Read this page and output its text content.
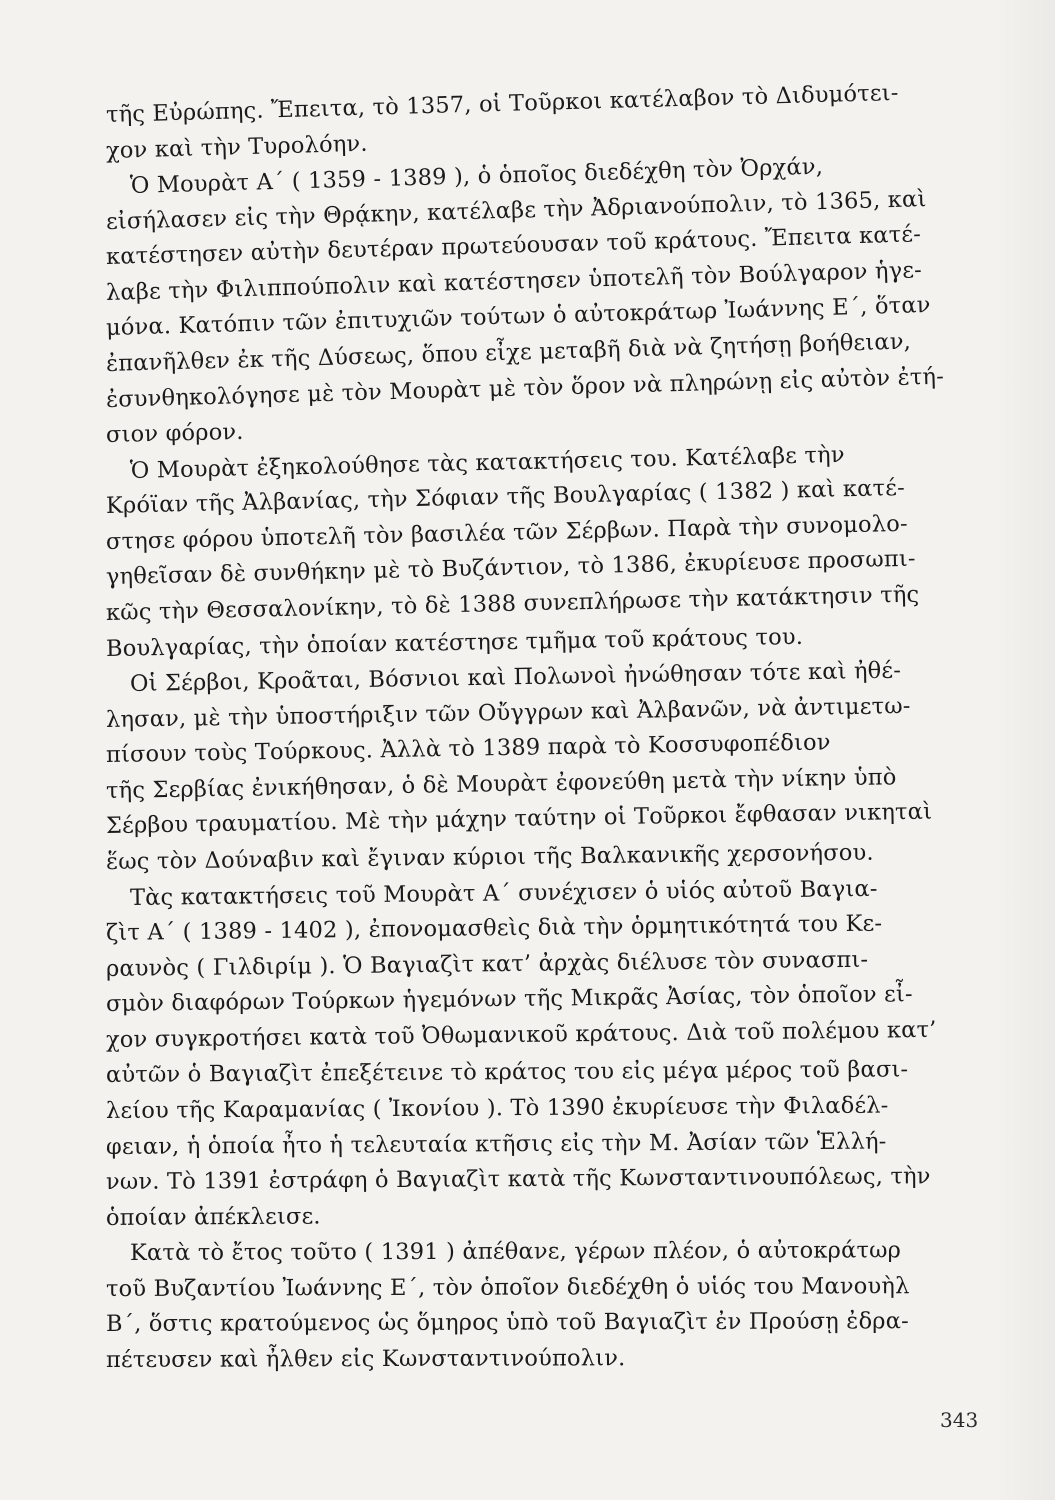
τῆς Εὐρώπης. Ἔπειτα, τὸ 1357, οἱ Τοῦρκοι κατέλαβον τὸ Διδυμότει-
χον καὶ τὴν Τυρολόην.
Ὁ Μουρὰτ Α΄ ( 1359 - 1389 ), ὁ ὁποῖος διεδέχθη τὸν Ὀρχάν,
εἰσήλασεν εἰς τὴν Θρᾴκην, κατέλαβε τὴν Ἀδριανούπολιν, τὸ 1365, καὶ
κατέστησεν αὐτὴν δευτέραν πρωτεύουσαν τοῦ κράτους. Ἔπειτα κατέ-
λαβε τὴν Φιλιππούπολιν καὶ κατέστησεν ὑποτελῆ τὸν Βούλγαρον ἡγε-
μόνα. Κατόπιν τῶν ἐπιτυχιῶν τούτων ὁ αὐτοκράτωρ Ἰωάννης Ε΄, ὅταν
ἐπανῆλθεν ἐκ τῆς Δύσεως, ὅπου εἶχε μεταβῆ διὰ νὰ ζητήσῃ βοήθειαν,
ἐσυνθηκολόγησε μὲ τὸν Μουρὰτ μὲ τὸν ὅρον νὰ πληρώνῃ εἰς αὐτὸν ἐτή-
σιον φόρον.
Ὁ Μουρὰτ ἐξηκολούθησε τὰς κατακτήσεις του. Κατέλαβε τὴν
Κρόϊαν τῆς Ἀλβανίας, τὴν Σόφιαν τῆς Βουλγαρίας ( 1382 ) καὶ κατέ-
στησε φόρου ὑποτελῆ τὸν βασιλέα τῶν Σέρβων. Παρὰ τὴν συνομολο-
γηθεῖσαν δὲ συνθήκην μὲ τὸ Βυζάντιον, τὸ 1386, ἐκυρίευσε προσωπι-
κῶς τὴν Θεσσαλονίκην, τὸ δὲ 1388 συνεπλήρωσε τὴν κατάκτησιν τῆς
Βουλγαρίας, τὴν ὁποίαν κατέστησε τμῆμα τοῦ κράτους του.
Οἱ Σέρβοι, Κροᾶται, Βόσνιοι καὶ Πολωνοὶ ἠνώθησαν τότε καὶ ἠθέ-
λησαν, μὲ τὴν ὑποστήριξιν τῶν Οὔγγρων καὶ Ἀλβανῶν, νὰ ἀντιμετω-
πίσουν τοὺς Τούρκους. Ἀλλὰ τὸ 1389 παρὰ τὸ Κοσσυφοπέδιον
τῆς Σερβίας ἐνικήθησαν, ὁ δὲ Μουρὰτ ἐφονεύθη μετὰ τὴν νίκην ὑπὸ
Σέρβου τραυματίου. Μὲ τὴν μάχην ταύτην οἱ Τοῦρκοι ἔφθασαν νικηταὶ
ἕως τὸν Δούναβιν καὶ ἔγιναν κύριοι τῆς Βαλκανικῆς χερσονήσου.
Τὰς κατακτήσεις τοῦ Μουρὰτ Α΄ συνέχισεν ὁ υἱός αὐτοῦ Βαγια-
ζὶτ Α΄ ( 1389 - 1402 ), ἐπονομασθεὶς διὰ τὴν ὁρμητικότητά του Κε-
ραυνὸς ( Γιλδιρίμ ). Ὁ Βαγιαζὶτ κατ’ ἀρχὰς διέλυσε τὸν συνασπι-
σμὸν διαφόρων Τούρκων ἡγεμόνων τῆς Μικρᾶς Ἀσίας, τὸν ὁποῖον εἶ-
χον συγκροτήσει κατὰ τοῦ Ὀθωμανικοῦ κράτους. Διὰ τοῦ πολέμου κατ’
αὐτῶν ὁ Βαγιαζὶτ ἐπεξέτεινε τὸ κράτος του εἰς μέγα μέρος τοῦ βασι-
λείου τῆς Καραμανίας ( Ἰκονίου ). Τὸ 1390 ἐκυρίευσε τὴν Φιλαδέλ-
φειαν, ἡ ὁποία ἦτο ἡ τελευταία κτῆσις εἰς τὴν Μ. Ἀσίαν τῶν Ἑλλή-
νων. Τὸ 1391 ἐστράφη ὁ Βαγιαζὶτ κατὰ τῆς Κωνσταντινουπόλεως, τὴν
ὁποίαν ἀπέκλεισε.
Κατὰ τὸ ἔτος τοῦτο ( 1391 ) ἀπέθανε, γέρων πλέον, ὁ αὐτοκράτωρ
τοῦ Βυζαντίου Ἰωάννης Ε΄, τὸν ὁποῖον διεδέχθη ὁ υἱός του Μανουὴλ
Β΄, ὅστις κρατούμενος ὡς ὅμηρος ὑπὸ τοῦ Βαγιαζὶτ ἐν Προύσῃ ἐδρα-
πέτευσεν καὶ ἦλθεν εἰς Κωνσταντινούπολιν.
343
